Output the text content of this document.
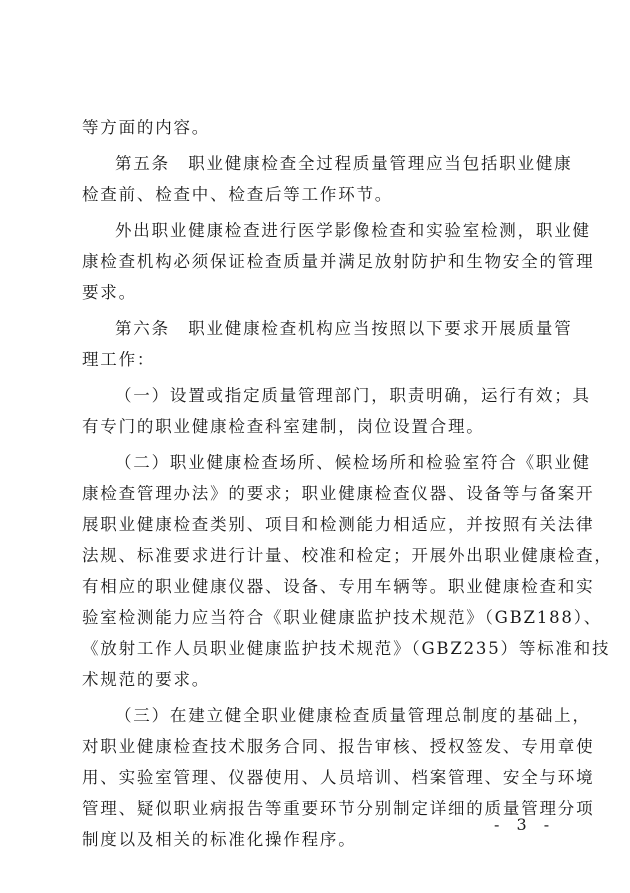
等方面的内容。
第五条　职业健康检查全过程质量管理应当包括职业健康
检查前、检查中、检查后等工作环节。
外出职业健康检查进行医学影像检查和实验室检测，职业健
康检查机构必须保证检查质量并满足放射防护和生物安全的管理
要求。
第六条　职业健康检查机构应当按照以下要求开展质量管
理工作：
（一）设置或指定质量管理部门，职责明确，运行有效；具
有专门的职业健康检查科室建制，岗位设置合理。
（二）职业健康检查场所、候检场所和检验室符合《职业健
康检查管理办法》的要求；职业健康检查仪器、设备等与备案开
展职业健康检查类别、项目和检测能力相适应，并按照有关法律
法规、标准要求进行计量、校准和检定；开展外出职业健康检查，
有相应的职业健康仪器、设备、专用车辆等。职业健康检查和实
验室检测能力应当符合《职业健康监护技术规范》（GBZ188）、
《放射工作人员职业健康监护技术规范》（GBZ235）等标准和技
术规范的要求。
（三）在建立健全职业健康检查质量管理总制度的基础上，
对职业健康检查技术服务合同、报告审核、授权签发、专用章使
用、实验室管理、仪器使用、人员培训、档案管理、安全与环境
管理、疑似职业病报告等重要环节分别制定详细的质量管理分项
制度以及相关的标准化操作程序。
- 3 -
